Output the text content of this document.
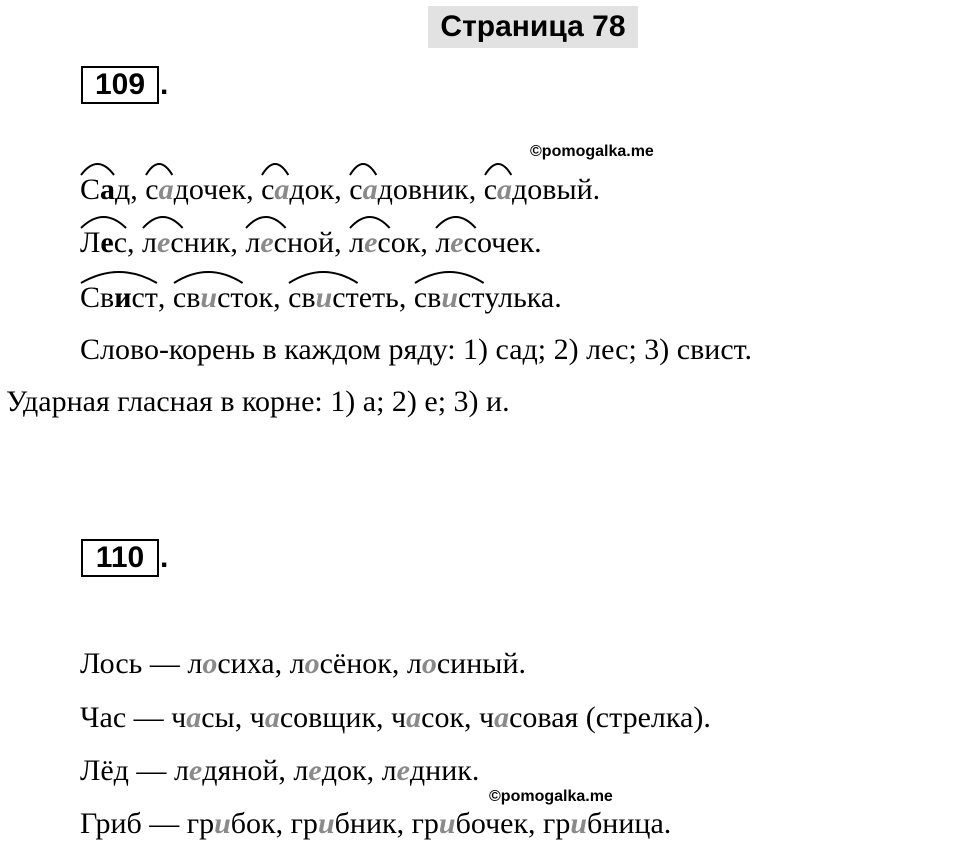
Страница 78
109 .
©pomogalka.me
Са
д, са
дочек, са
док, са
довник, са
довый.
Лес
, лес
ник, лес
ной, лес
ок, лес
очек.
Свист
, свист
ок, свист
еть, свист
улька.
Слово-корень в каждом ряду: 1) сад; 2) лес; 3) свист.
Ударная гласная в корне: 1) а; 2) е; 3) и.
110 .
Лось — лосиха, лосёнок, лосиный.
Час — часы, часовщик, часок, часовая (стрелка).
Лёд — ледяной, ледок, ледник.
©pomogalka.me
Гриб — грибок, грибник, грибочек, грибница.
